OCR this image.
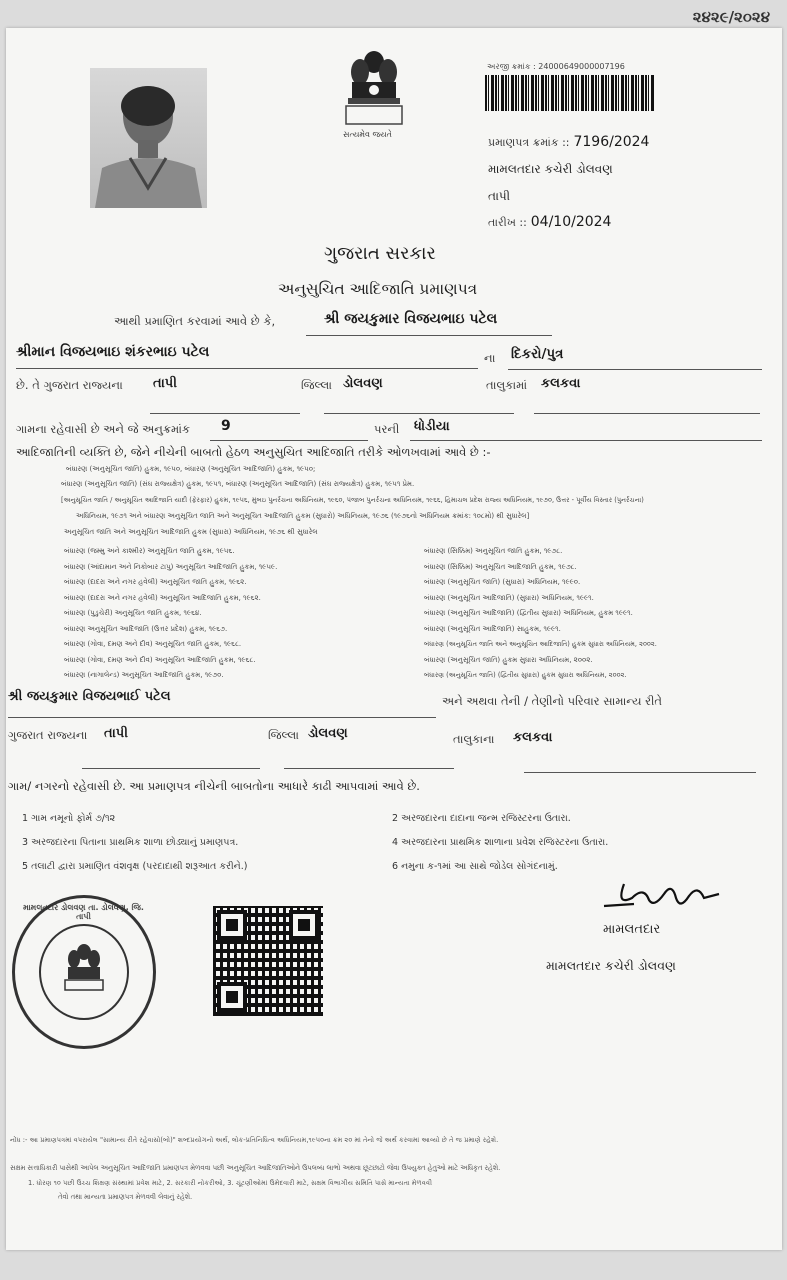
૨૪૨૯/૨૦૨૪
સત્યમેવ જયતે
અરજી ક્રમાંક : 24000649000007196
પ્રમાણપત્ર ક્રમાંક :: 7196/2024
મામલતદાર કચેરી ડોલવણ
તાપી
તારીખ :: 04/10/2024
ગુજરાત સરકાર
અનુસુચિત આદિજાતિ પ્રમાણપત્ર
આથી પ્રમાણિત કરવામાં આવે છે કે,	શ્રી જયકુમાર વિજયભાઇ પટેલ
શ્રીમાન વિજયભાઇ શંકરભાઇ પટેલ	ના દિકરો/પુત્ર
છે. તે ગુજરાત રાજ્યના તાપી	જિલ્લા ડોલવણ	તાલુકામાં કલકવા
ગામના રહેવાસી છે અને જે અનુક્રમાંક 9	પરની ધોડીયા
આદિજાતિની વ્યક્તિ છે, જેને નીચેની બાબતો હેઠળ અનુસુચિત આદિજાતિ તરીકે ઓળખવામાં આવે છે :-
બંધારણ (અનુસૂચિત જાતિ) હુકમ, ૧૯૫૦, બંધારણ (અનુસૂચિત આદિજાતિ) હુકમ, ૧૯૫૦;
બંધારણ (અનુસૂચિત જાતિ) (સંઘ રાજ્યક્ષેત્ર) હુકમ, ૧૯૫૧, બંધારણ (અનુસૂચિત આદિજાતિ) (સંઘ રાજ્યક્ષેત્ર) હુકમ, ૧૯૫૧ પ્રેમ.
[અનુસૂચિત જાતિ / અનુસૂચિત આદિજાતિ યાદી (ફેરફાર) હુકમ, ૧૯૫૬, મુંબઇ પુનર્રચના અધિનિયમ, ૧૯૬૦, પંજાબ પુનર્રચના અધિનિયમ, ૧૯૬૬, હિમાચલ પ્રદેશ રાજ્ય અધિનિયમ, ૧૯૭૦, ઉત્તર - પૂર્વીય વિસ્તાર (પુનર્રચના)
અધિનિયમ, ૧૯૭૧ અને બંધારણ અનુસૂચિત જાતિ અને અનુસૂચિત આદિજાતિ હુકમ (સુધારો) અધિનિયમ, ૧૯૭૬ (૧૯૭૬નો અધિનિયમ ક્રમાંક: ૧૦૮મો) થી સુધારેલ]
અનુસૂચિત જાતિ અને અનુસૂચિત આદિજાતિ હુકમ (સુધારા) અધિનિયમ, ૧૯૭૬ થી સુધારેલ
બંધારણ (જમ્મુ અને કાશ્મીર) અનુસૂચિત જાતિ હુકમ, ૧૯૫૬.
બંધારણ (આંદામાન અને નિકોબાર ટાપુ) અનુસૂચિત આદિજાતિ હુકમ, ૧૯૫૯.
બંધારણ (દાદરા અને નગર હવેલી) અનુસૂચિત જાતિ હુકમ, ૧૯૬૨.
બંધારણ (દાદરા અને નગર હવેલી) અનુસૂચિત આદિજાતિ હુકમ, ૧૯૬૨.
બંધારણ (પુડુચેરી) અનુસૂચિત જાતિ હુકમ, ૧૯૬૪.
બંધારણ અનુસૂચિત આદિજાતિ (ઉત્તર પ્રદેશ) હુકમ, ૧૯૬૭.
બંધારણ (ગોવા, દમણ અને દીવ) અનુસૂચિત જાતિ હુકમ, ૧૯૬૮.
બંધારણ (ગોવા, દમણ અને દીવ) અનુસૂચિત આદિજાતિ હુકમ, ૧૯૬૮.
બંધારણ (નાગાલેન્ડ) અનુસૂચિત આદિજાતિ હુકમ, ૧૯૭૦.
બંધારણ (સિક્કિમ) અનુસૂચિત જાતિ હુકમ, ૧૯૭૮.
બંધારણ (સિક્કિમ) અનુસૂચિત આદિજાતિ હુકમ, ૧૯૭૮.
બંધારણ (અનુસૂચિત જાતિ) (સુધારા) અધિનિયમ, ૧૯૯૦.
બંધારણ (અનુસૂચિત આદિજાતિ) (સુધારા) અધિનિયમ, ૧૯૯૧.
બંધારણ (અનુસૂચિત આદિજાતિ) (દ્વિતીય સુધારા) અધિનિયમ, હુકમ ૧૯૯૧.
બંધારણ (અનુસૂચિત આદિજાતિ) સાહુકમ, ૧૯૯૧.
બંધારણ (અનુસૂચિત જાતિ અને અનુસૂચિત આદિજાતિ) હુકમ સુધારા અધિનિયમ, ૨૦૦૨.
બંધારણ (અનુસૂચિત જાતિ) હુકમ સુધારા અધિનિયમ, ૨૦૦૨.
બંધારણ (અનુસૂચિત જાતિ) (દ્વિતીય સુધારા) હુકમ સુધારા અધિનિયમ, ૨૦૦૨.
શ્રી જયકુમાર વિજયભાઈ પટેલ	અને અથવા તેની / તેણીનો પરિવાર સામાન્ય રીતે
ગુજરાત રાજ્યના તાપી	જિલ્લા ડોલવણ	તાલુકાના કલકવા
ગામ/ નગરનો રહેવાસી છે. આ પ્રમાણપત્ર નીચેની બાબતોના આધારે કાઢી આપવામાં આવે છે.
1 ગામ નમૂનો ફોર્મ ૭/૧૨	2 અરજદારના દાદાના જન્મ રજિસ્ટરના ઉતારા.
3 અરજદારના પિતાના પ્રાથમિક શાળા છોડ્યાનું પ્રમાણપત્ર.	4 અરજદારના પ્રાથમિક શાળાના પ્રવેશ રજિસ્ટરના ઉતારા.
5 તલાટી દ્વારા પ્રમાણિત વંશવૃક્ષ (પરદાદાથી શરૂઆત કરીને.)	6 નમુના ક-૧માં આ સાથે જોડેલ સોગંદનામું.
મામલતદાર ડોલવણ તા. ડોલવણ, જિ. તાપી
મામલતદાર
મામલતદાર કચેરી ડોલવણ
નોંધ :- આ પ્રમાણપત્રમાં વપરાયેલ "સામાન્ય રીતે રહેવાસો(બો)" શબ્દપ્રયોગનો અર્થ, લોક-પ્રતિનિધિત્વ અધિનિયમ,૧૯૫૦ના ક્રમ ૨૦ માં તેનો જે અર્થ કરવામાં આવ્યો છે તે જ પ્રમાણે રહેશે.
સક્ષમ સત્તાધિકારી પાસેથી આપેલ અનુસૂચિત આદિજાતિ પ્રમાણપત્ર મેળવવા પછી અનુસૂચિત આદિજાતિઓને ઉપલબ્ધ લાભો અથવા છૂટછાટો જેવા ઉપયુક્ત હેતુઓ માટે અધિકૃત રહેશે.
1. ધોરણ ૧૦ પછી ઉચ્ચ શિક્ષણ સંસ્થામાં પ્રવેશ માટે, 2. સરકારી નોકરીઓ, 3. ચૂંટણીઓમાં ઉમેદવારી માટે, સક્ષમ વિભાગીય સમિતિ પાસે માન્યતા મેળવવી
તેવો તથા માન્યતા પ્રમાણપત્ર મેળવવી લેવાનું રહેશે.
